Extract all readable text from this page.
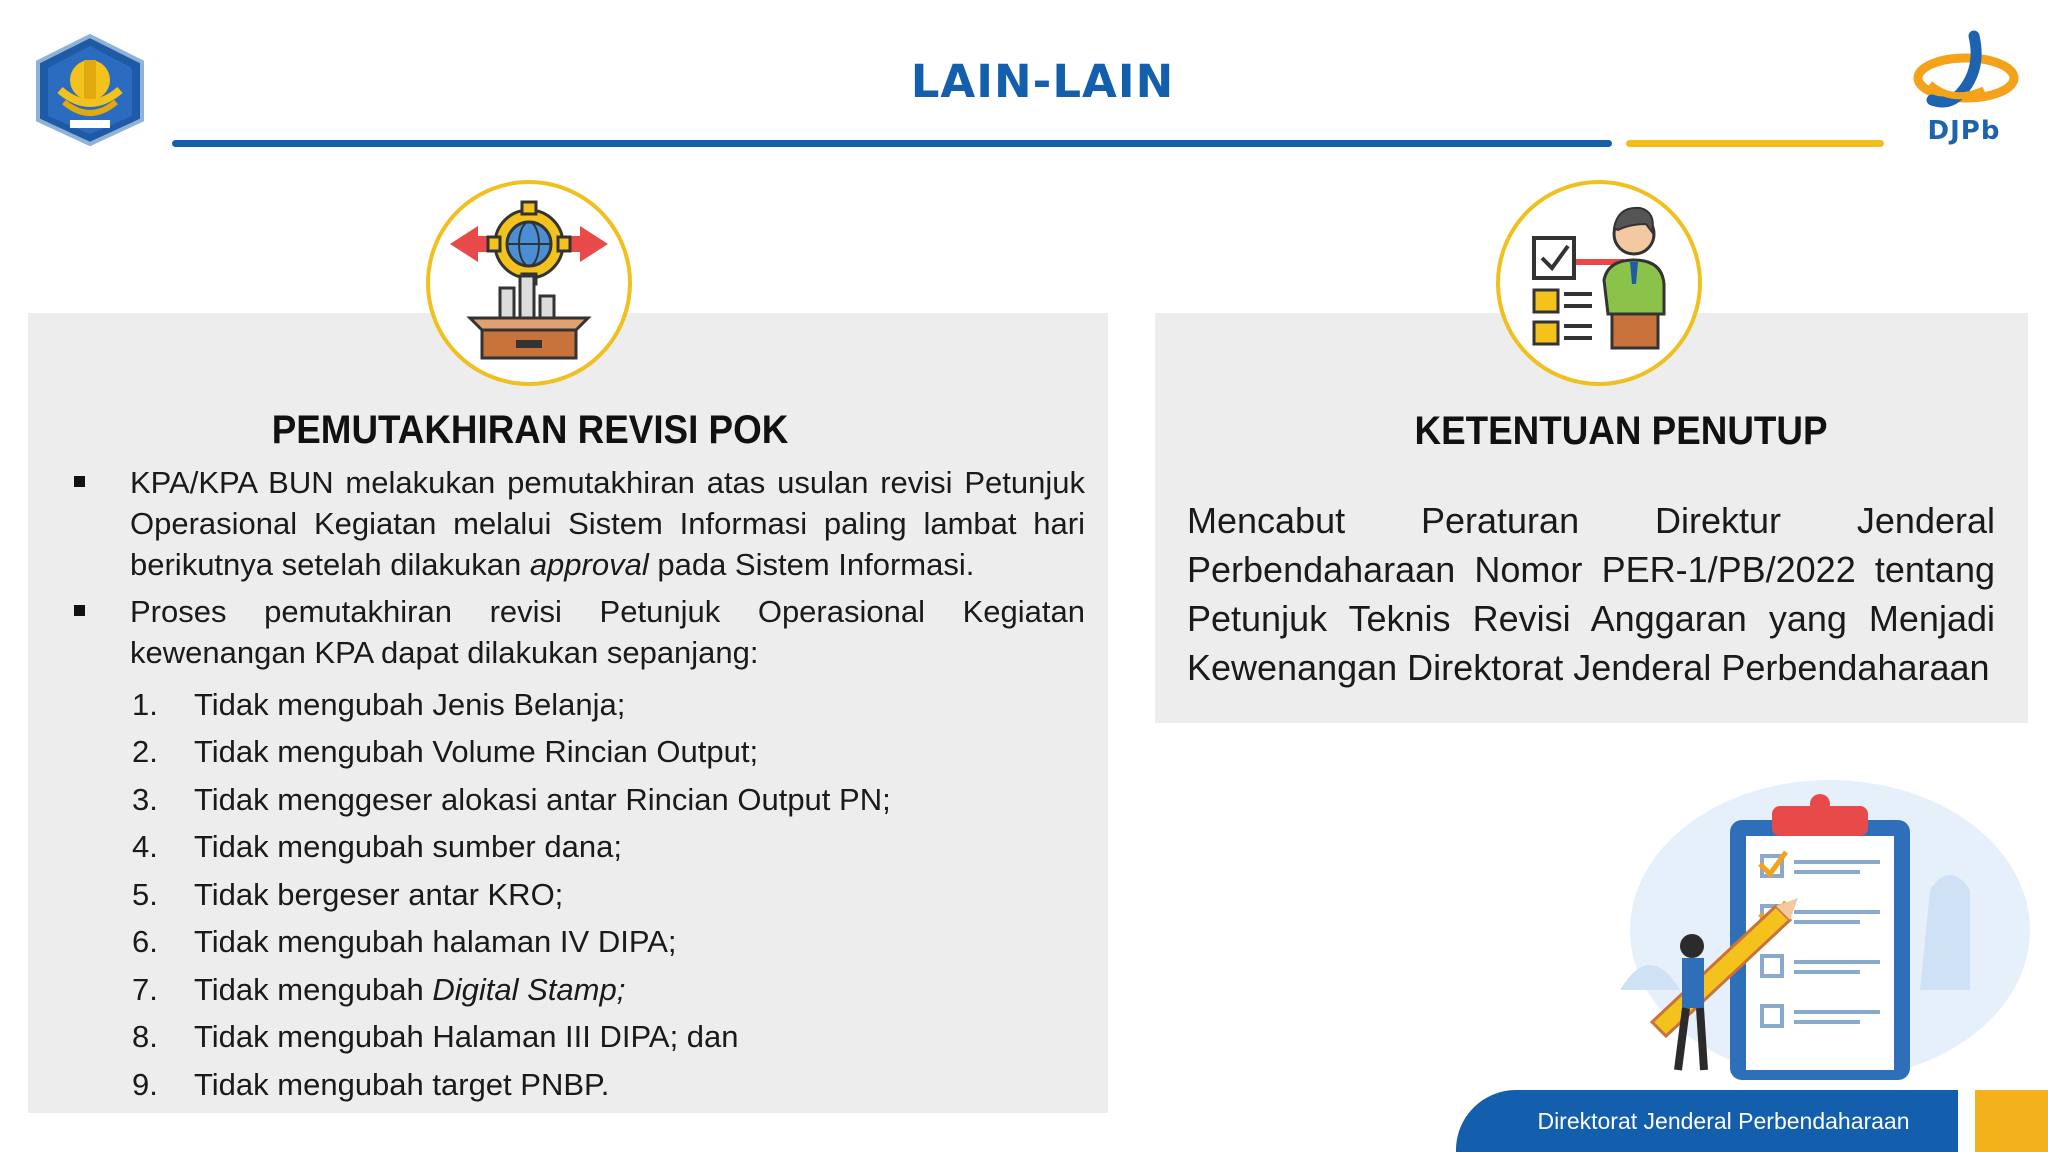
LAIN-LAIN
DJPb
PEMUTAKHIRAN REVISI POK
KPA/KPA BUN melakukan pemutakhiran atas usulan revisi Petunjuk Operasional Kegiatan melalui Sistem Informasi paling lambat hari berikutnya setelah dilakukan approval pada Sistem Informasi.
Proses pemutakhiran revisi Petunjuk Operasional Kegiatan kewenangan KPA dapat dilakukan sepanjang:
1.	Tidak mengubah Jenis Belanja;
2.	Tidak mengubah Volume Rincian Output;
3.	Tidak menggeser alokasi antar Rincian Output PN;
4.	Tidak mengubah sumber dana;
5.	Tidak bergeser antar KRO;
6.	Tidak mengubah halaman IV DIPA;
7.	Tidak mengubah Digital Stamp;
8.	Tidak mengubah Halaman III DIPA; dan
9.	Tidak mengubah target PNBP.
KETENTUAN PENUTUP
Mencabut Peraturan Direktur Jenderal Perbendaharaan Nomor PER-1/PB/2022 tentang Petunjuk Teknis Revisi Anggaran yang Menjadi Kewenangan Direktorat Jenderal Perbendaharaan
Direktorat Jenderal Perbendaharaan
